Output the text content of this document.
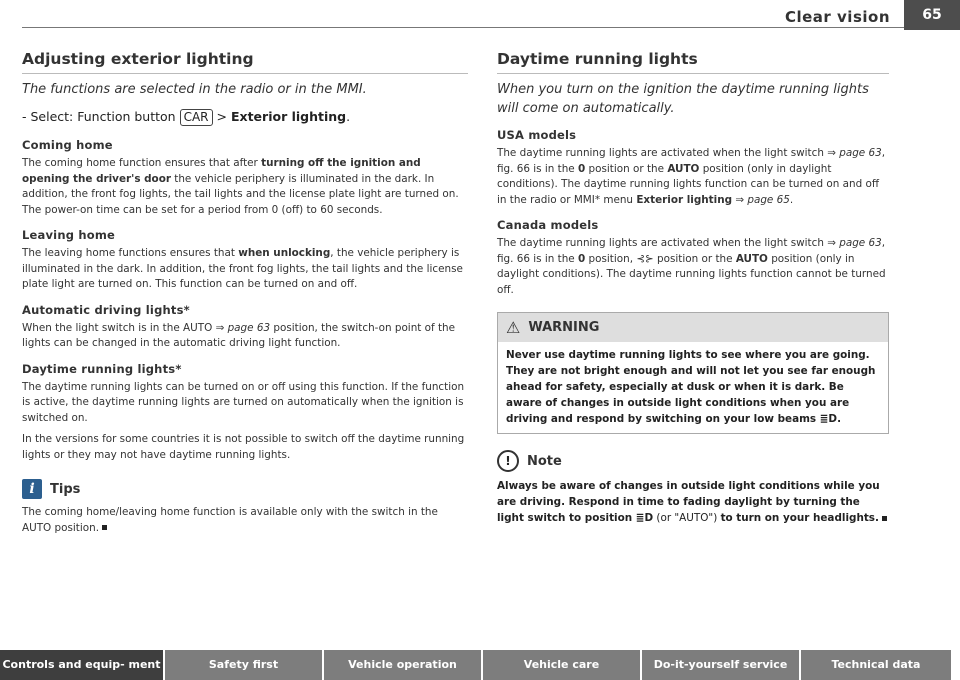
Clear vision	65
Adjusting exterior lighting
The functions are selected in the radio or in the MMI.
- Select: Function button CAR > Exterior lighting.
Coming home

The coming home function ensures that after turning off the ignition and opening the driver's door the vehicle periphery is illuminated in the dark. In addition, the front fog lights, the tail lights and the license plate light are turned on. The power-on time can be set for a period from 0 (off) to 60 seconds.

Leaving home

The leaving home functions ensures that when unlocking, the vehicle periphery is illuminated in the dark. In addition, the front fog lights, the tail lights and the license plate light are turned on. This function can be turned on and off.

Automatic driving lights*

When the light switch is in the AUTO ⇒ page 63 position, the switch-on point of the lights can be changed in the automatic driving light function.

Daytime running lights*

The daytime running lights can be turned on or off using this function. If the function is active, the daytime running lights are turned on automatically when the ignition is switched on.

In the versions for some countries it is not possible to switch off the daytime running lights or they may not have daytime running lights.

i	Tips

The coming home/leaving home function is available only with the switch in the AUTO position.

Daytime running lights
When you turn on the ignition the daytime running lights will come on automatically.
USA models

The daytime running lights are activated when the light switch ⇒ page 63, fig. 66 is in the 0 position or the AUTO position (only in daylight conditions). The daytime running lights function can be turned on and off in the radio or MMI* menu Exterior lighting ⇒ page 65.

Canada models

The daytime running lights are activated when the light switch ⇒ page 63, fig. 66 is in the 0 position, ⊰⊱ position or the AUTO position (only in daylight conditions). The daytime running lights function cannot be turned off.

⚠ WARNING
Never use daytime running lights to see where you are going. They are not bright enough and will not let you see far enough ahead for safety, especially at dusk or when it is dark. Be aware of changes in outside light conditions when you are driving and respond by switching on your low beams ≣D.
!	Note

Always be aware of changes in outside light conditions while you are driving. Respond in time to fading daylight by turning the light switch to position ≣D (or "AUTO") to turn on your headlights.

Controls and equip- ment	Safety first	Vehicle operation	Vehicle care	Do-it-yourself service	Technical data
